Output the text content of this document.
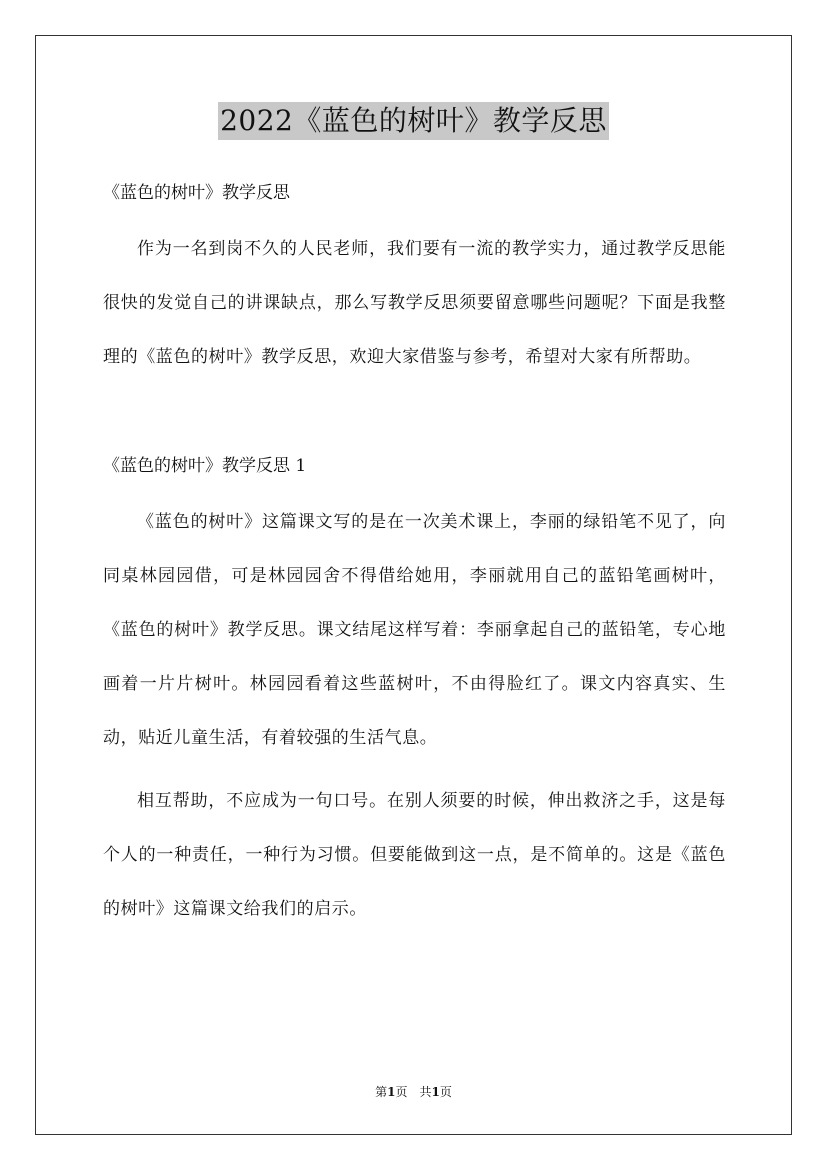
2022《蓝色的树叶》教学反思
《蓝色的树叶》教学反思

作为一名到岗不久的人民老师，我们要有一流的教学实力，通过教学反思能很快的发觉自己的讲课缺点，那么写教学反思须要留意哪些问题呢？下面是我整理的《蓝色的树叶》教学反思，欢迎大家借鉴与参考，希望对大家有所帮助。

《蓝色的树叶》教学反思 1

《蓝色的树叶》这篇课文写的是在一次美术课上，李丽的绿铅笔不见了，向同桌林园园借，可是林园园舍不得借给她用，李丽就用自己的蓝铅笔画树叶，《蓝色的树叶》教学反思。课文结尾这样写着：李丽拿起自己的蓝铅笔，专心地画着一片片树叶。林园园看着这些蓝树叶，不由得脸红了。课文内容真实、生动，贴近儿童生活，有着较强的生活气息。

相互帮助，不应成为一句口号。在别人须要的时候，伸出救济之手，这是每个人的一种责任，一种行为习惯。但要能做到这一点，是不简单的。这是《蓝色的树叶》这篇课文给我们的启示。

第1页 共1页
